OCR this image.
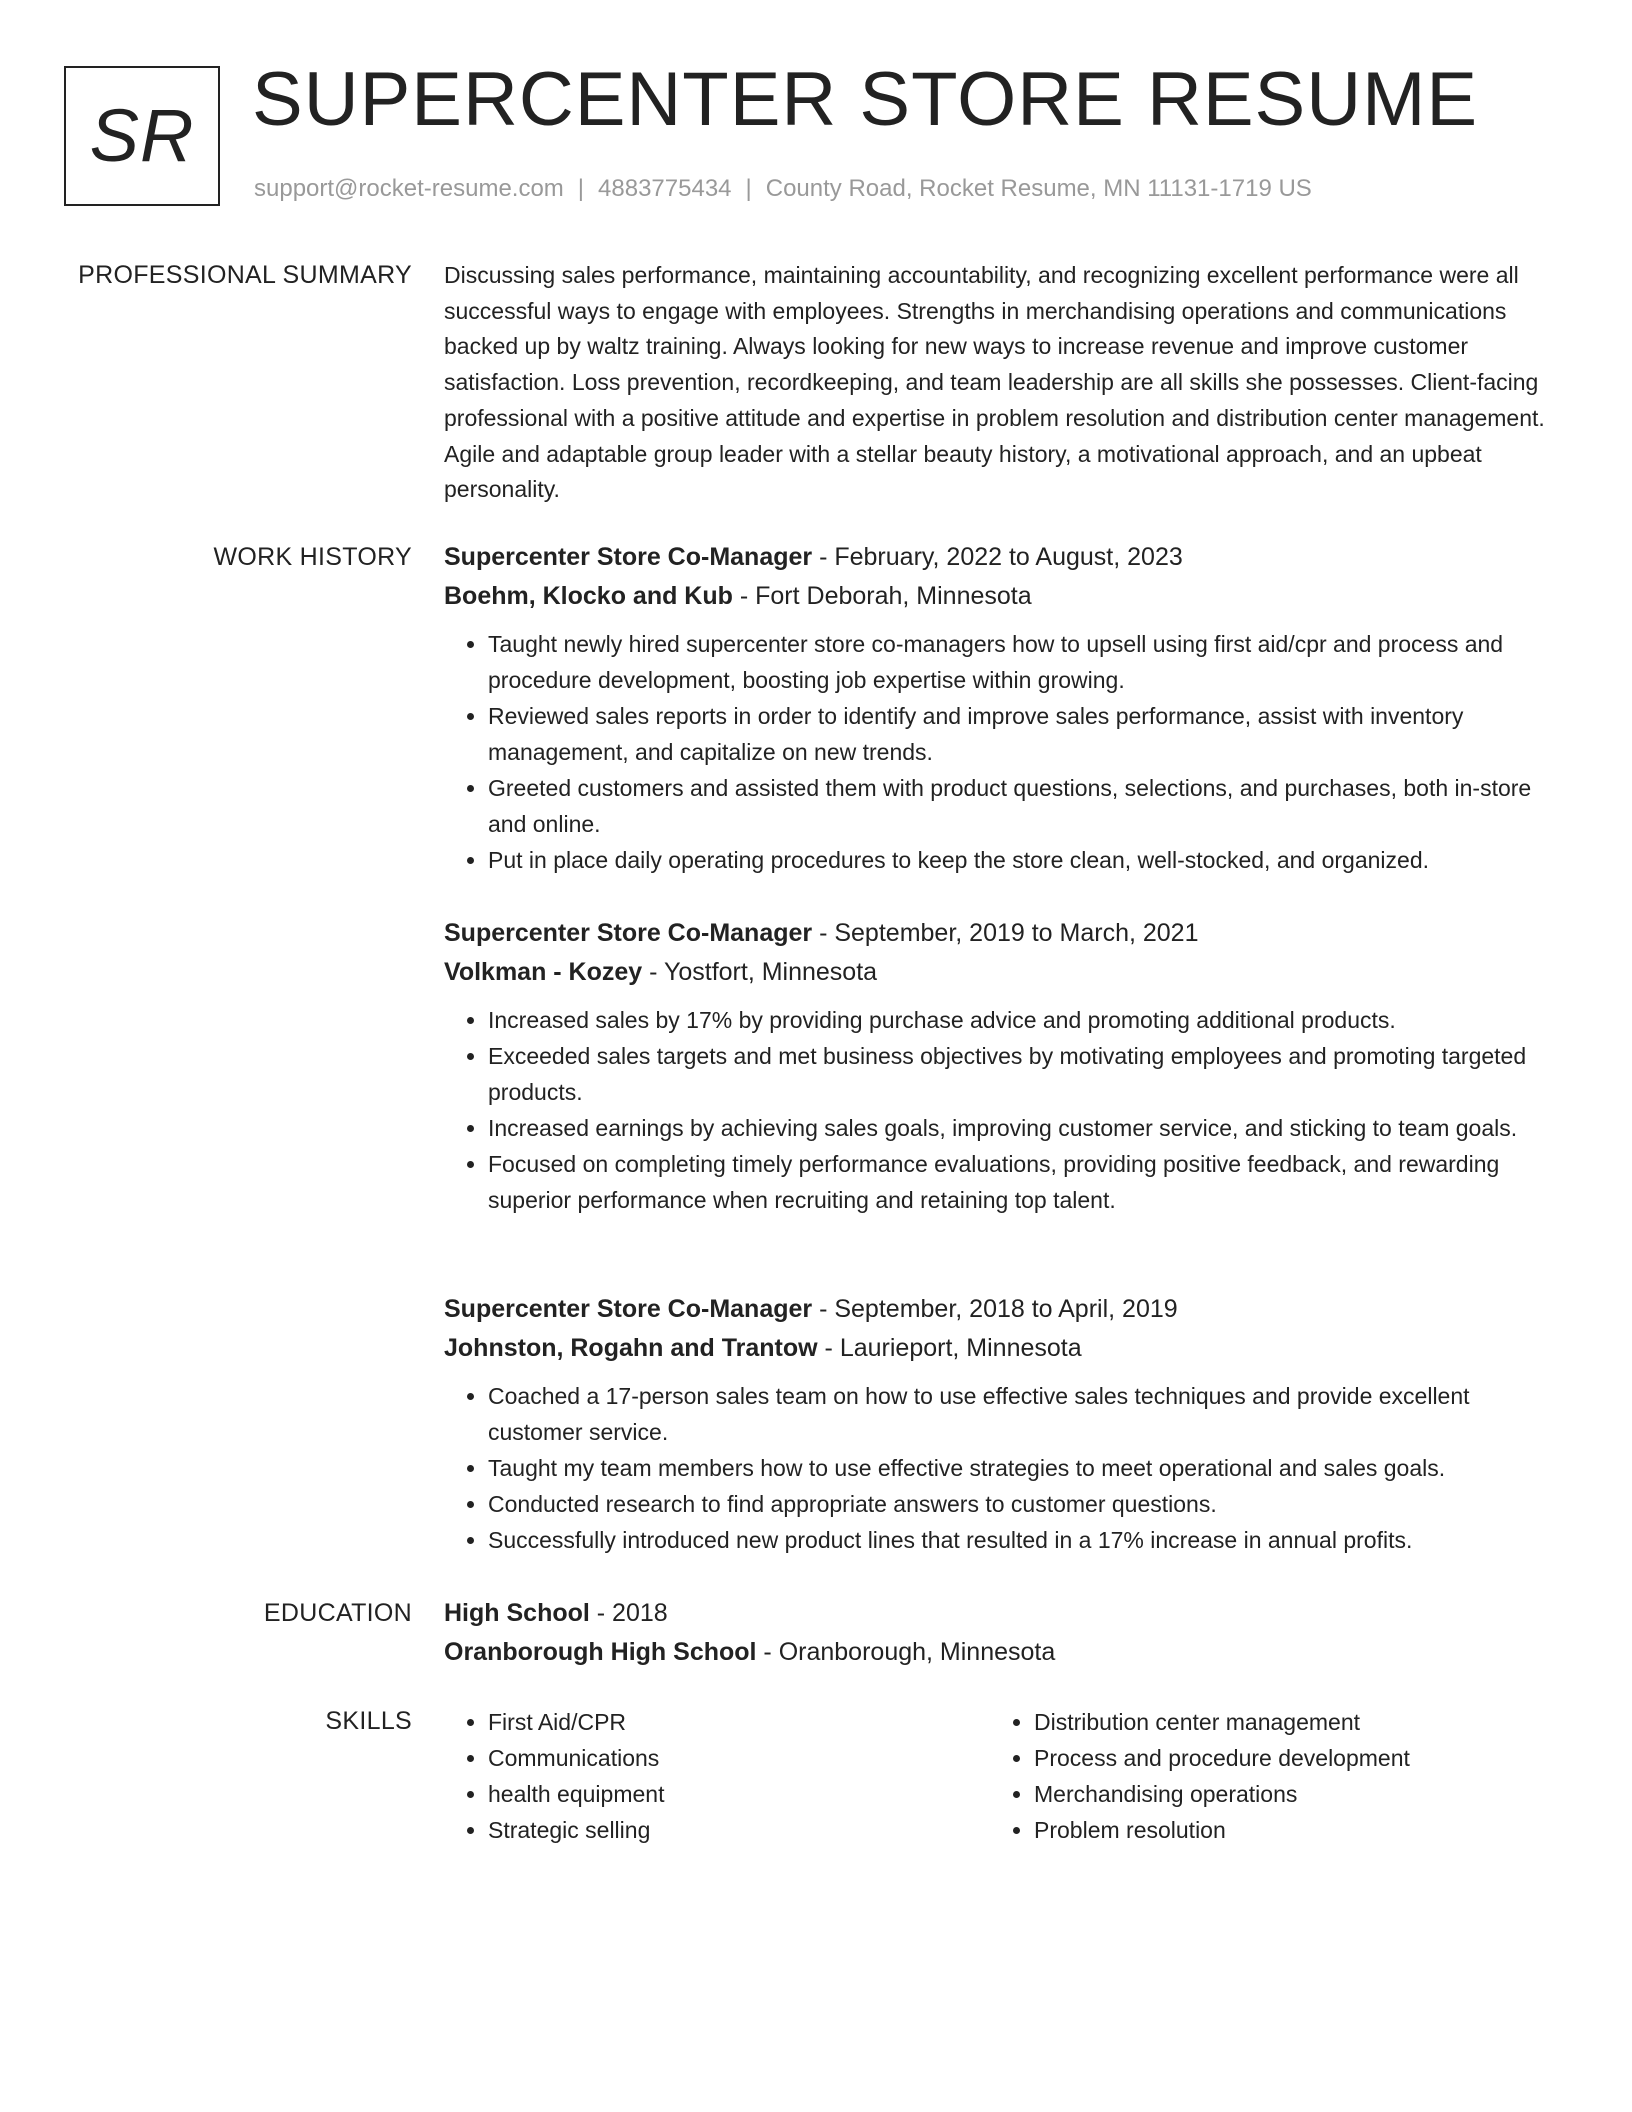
SR SUPERCENTER STORE RESUME
support@rocket-resume.com | 4883775434 | County Road, Rocket Resume, MN 11131-1719 US
PROFESSIONAL SUMMARY Discussing sales performance, maintaining accountability, and recognizing excellent performance were all successful ways to engage with employees. Strengths in merchandising operations and communications backed up by waltz training. Always looking for new ways to increase revenue and improve customer satisfaction. Loss prevention, recordkeeping, and team leadership are all skills she possesses. Client-facing professional with a positive attitude and expertise in problem resolution and distribution center management. Agile and adaptable group leader with a stellar beauty history, a motivational approach, and an upbeat personality.

WORK HISTORY Supercenter Store Co-Manager - February, 2022 to August, 2023
Boehm, Klocko and Kub - Fort Deborah, Minnesota
• Taught newly hired supercenter store co-managers how to upsell using first aid/cpr and process and procedure development, boosting job expertise within growing.
• Reviewed sales reports in order to identify and improve sales performance, assist with inventory management, and capitalize on new trends.
• Greeted customers and assisted them with product questions, selections, and purchases, both in-store and online.
• Put in place daily operating procedures to keep the store clean, well-stocked, and organized.
Supercenter Store Co-Manager - September, 2019 to March, 2021
Volkman - Kozey - Yostfort, Minnesota
• Increased sales by 17% by providing purchase advice and promoting additional products.
• Exceeded sales targets and met business objectives by motivating employees and promoting targeted products.
• Increased earnings by achieving sales goals, improving customer service, and sticking to team goals.
• Focused on completing timely performance evaluations, providing positive feedback, and rewarding superior performance when recruiting and retaining top talent.
Supercenter Store Co-Manager - September, 2018 to April, 2019
Johnston, Rogahn and Trantow - Laurieport, Minnesota
• Coached a 17-person sales team on how to use effective sales techniques and provide excellent customer service.
• Taught my team members how to use effective strategies to meet operational and sales goals.
• Conducted research to find appropriate answers to customer questions.
• Successfully introduced new product lines that resulted in a 17% increase in annual profits.
EDUCATION High School - 2018
Oranborough High School - Oranborough, Minnesota
SKILLS
•	First Aid/CPR
• Communications
• health equipment
• Strategic selling
• Distribution center management
• Process and procedure development
• Merchandising operations
• Problem resolution
